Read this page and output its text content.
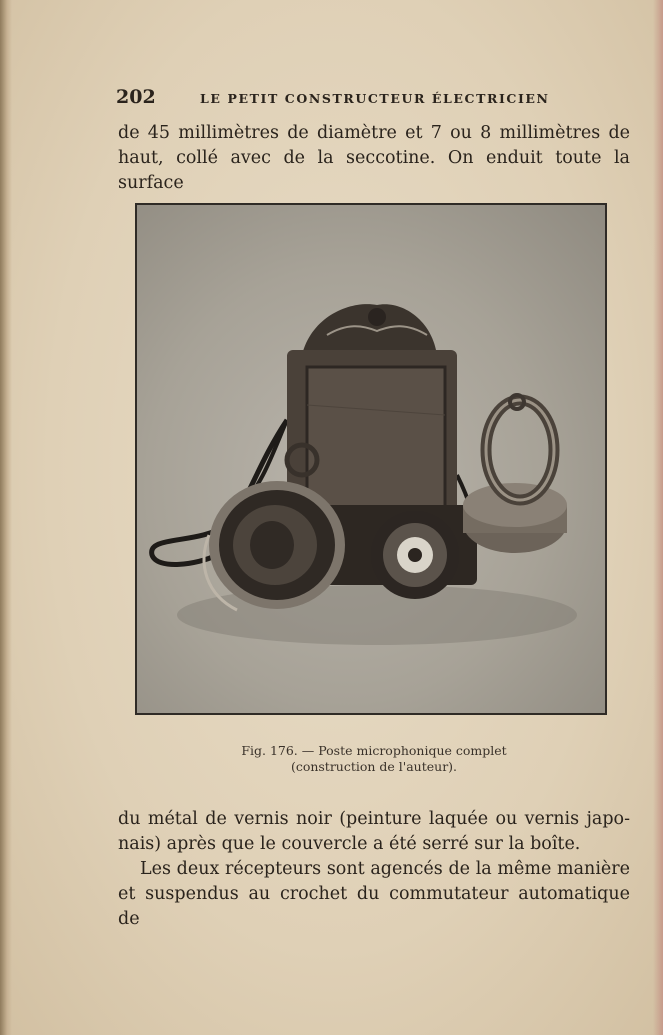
202	LE PETIT CONSTRUCTEUR ÉLECTRICIEN

de 45 millimètres de diamètre et 7 ou 8 millimètres de

haut, collé avec de la seccotine. On enduit toute la surface

Fig. 176. — Poste microphonique complet
(construction de l'auteur).

du métal de vernis noir (peinture laquée ou vernis japo-

nais) après que le couvercle a été serré sur la boîte.

Les deux récepteurs sont agencés de la même manière

et suspendus au crochet du commutateur automatique de
